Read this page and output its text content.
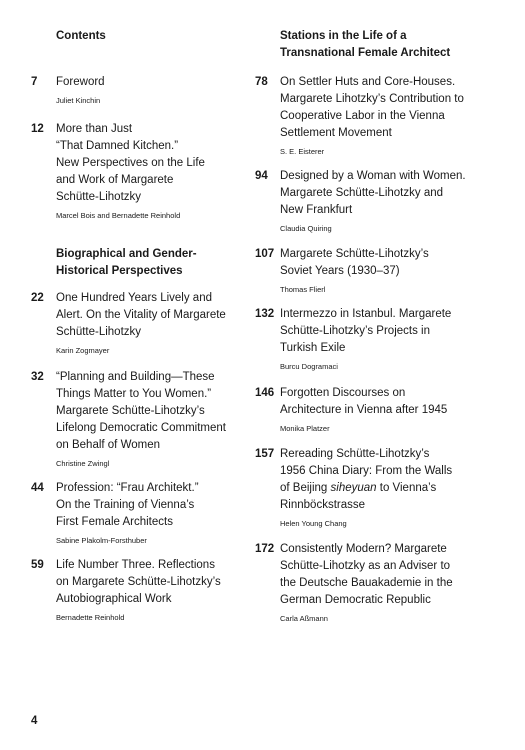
Contents
7 Foreword
Juliet Kinchin
12 More than Just
“That Damned Kitchen.”
New Perspectives on the Life
and Work of Margarete
Schütte-Lihotzky
Marcel Bois and Bernadette Reinhold
Biographical and Gender-
Historical Perspectives
22 One Hundred Years Lively and
Alert. On the Vitality of Margarete
Schütte-Lihotzky
Karin Zogmayer
32 “Planning and Building—These
Things Matter to You Women.”
Margarete Schütte-Lihotzky’s
Lifelong Democratic Commitment
on Behalf of Women
Christine Zwingl
44 Profession: “Frau Architekt.”
On the Training of Vienna’s
First Female Architects
Sabine Plakolm-Forsthuber
59 Life Number Three. Reflections
on Margarete Schütte-Lihotzky’s
Autobiographical Work
Bernadette Reinhold
Stations in the Life of a
Transnational Female Architect
78 On Settler Huts and Core-Houses.
Margarete Lihotzky’s Contribution to
Cooperative Labor in the Vienna
Settlement Movement
S. E. Eisterer
94 Designed by a Woman with Women.
Margarete Schütte-Lihotzky and
New Frankfurt
Claudia Quiring
107 Margarete Schütte-Lihotzky’s
Soviet Years (1930–37)
Thomas Flierl
132 Intermezzo in Istanbul. Margarete
Schütte-Lihotzky’s Projects in
Turkish Exile
Burcu Dogramaci
146 Forgotten Discourses on
Architecture in Vienna after 1945
Monika Platzer
157 Rereading Schütte-Lihotzky’s
1956 China Diary: From the Walls
of Beijing siheyuan to Vienna’s
Rinnböckstrasse
Helen Young Chang
172 Consistently Modern? Margarete
Schütte-Lihotzky as an Adviser to
the Deutsche Bauakademie in the
German Democratic Republic
Carla Aßmann
4
